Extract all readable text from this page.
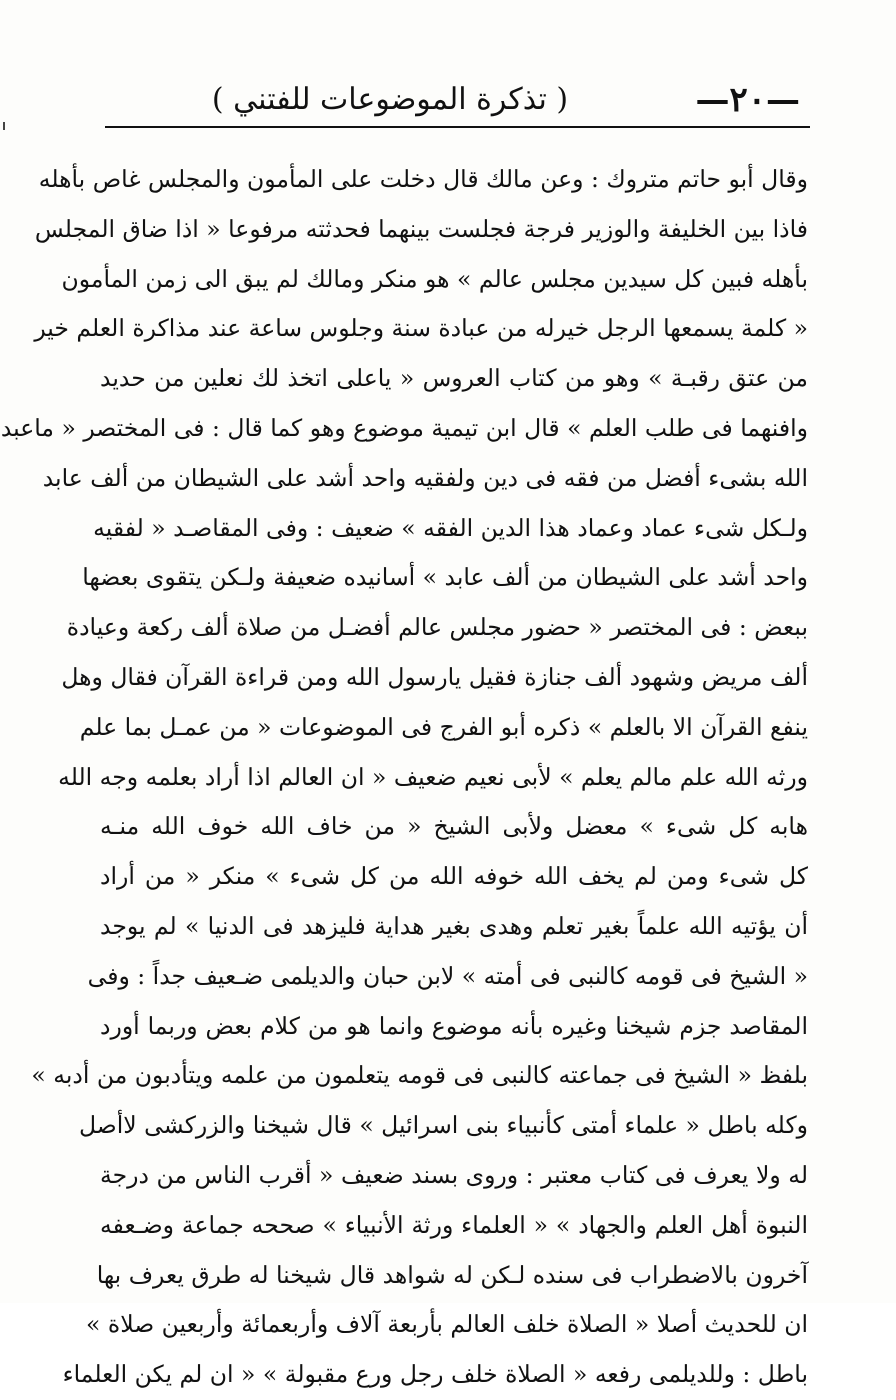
—٢٠—
( تذكرة الموضوعات للفتني )
وقال أبو حاتم متروك : وعن مالك قال دخلت على المأمون والمجلس غاص بأهله
فاذا بين الخليفة والوزير فرجة فجلست بينهما فحدثته مرفوعا « اذا ضاق المجلس
بأهله فبين كل سيدين مجلس عالم » هو منكر ومالك لم يبق الى زمن المأمون
« كلمة يسمعها الرجل خيرله من عبادة سنة وجلوس ساعة عند مذاكرة العلم خير
من عتق رقبـة » وهو من كتاب العروس « ياعلى اتخذ لك نعلين من حديد
وافنهما فى طلب العلم » قال ابن تيمية موضوع وهو كما قال : فى المختصر « ماعبد
الله بشىء أفضل من فقه فى دين ولفقيه واحد أشد على الشيطان من ألف عابد
ولـكل شىء عماد وعماد هذا الدين الفقه » ضعيف : وفى المقاصـد « لفقيه
واحد أشد على الشيطان من ألف عابد » أسانيده ضعيفة ولـكن يتقوى بعضها
ببعض : فى المختصر « حضور مجلس عالم أفضـل من صلاة ألف ركعة وعيادة
ألف مريض وشهود ألف جنازة فقيل يارسول الله ومن قراءة القرآن فقال وهل
ينفع القرآن الا بالعلم » ذكره أبو الفرج فى الموضوعات « من عمـل بما علم
ورثه الله علم مالم يعلم » لأبى نعيم ضعيف « ان العالم اذا أراد بعلمه وجه الله
هابه كل شىء » معضل ولأبى الشيخ « من خاف الله خوف الله منـه
كل شىء ومن لم يخف الله خوفه الله من كل شىء » منكر « من أراد
أن يؤتيه الله علماً بغير تعلم وهدى بغير هداية فليزهد فى الدنيا » لم يوجد
« الشيخ فى قومه كالنبى فى أمته » لابن حبان والديلمى ضـعيف جداً : وفى
المقاصد جزم شيخنا وغيره بأنه موضوع وانما هو من كلام بعض وربما أورد
بلفظ « الشيخ فى جماعته كالنبى فى قومه يتعلمون من علمه ويتأدبون من أدبه »
وكله باطل « علماء أمتى كأنبياء بنى اسرائيل » قال شيخنا والزركشى لاأصل
له ولا يعرف فى كتاب معتبر : وروى بسند ضعيف « أقرب الناس من درجة
النبوة أهل العلم والجهاد » « العلماء ورثة الأنبياء » صححه جماعة وضـعفه
آخرون بالاضطراب فى سنده لـكن له شواهد قال شيخنا له طرق يعرف بها
ان للحديث أصلا « الصلاة خلف العالم بأربعة آلاف وأربعمائة وأربعين صلاة »
باطل : وللديلمى رفعه « الصلاة خلف رجل ورع مقبولة » « ان لم يكن العلماء
